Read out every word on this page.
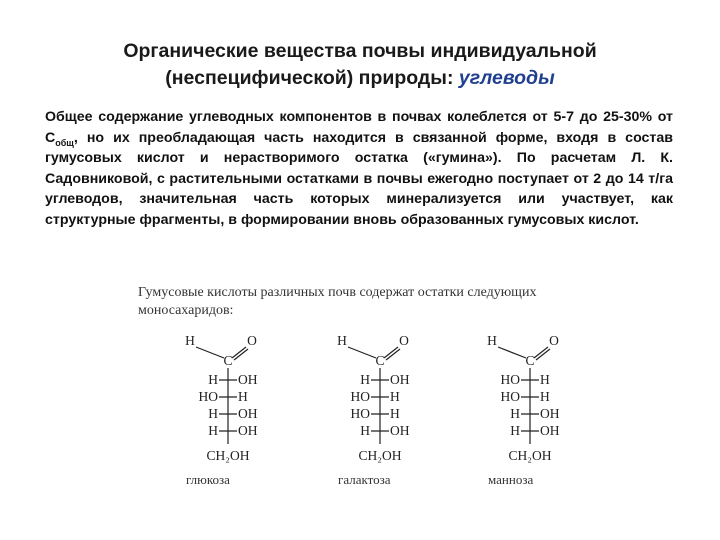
Органические вещества почвы индивидуальной (неспецифической) природы: углеводы
Общее содержание углеводных компонентов в почвах колеблется от 5-7 до 25-30% от $С_{общ}$, но их преобладающая часть находится в связанной форме, входя в состав гумусовых кислот и нерастворимого остатка («гумина»). По расчетам Л. К. Садовниковой, с растительными остатками в почвы ежегодно поступает от 2 до 14 т/га углеводов, значительная часть которых минерализуется или участвует, как структурные фрагменты, в формировании вновь образованных гумусовых кислот.
Гумусовые кислоты различных почв содержат остатки следующих моносахаридов:
H	O
C
H OH
HO H
H OH
H OH
CH₂OH
глюкоза
H	O
C
H OH
HO H
HO H
H OH
CH₂OH
галактоза
H	O
C
HO H
HO H
H OH
H OH
CH₂OH
манноза
